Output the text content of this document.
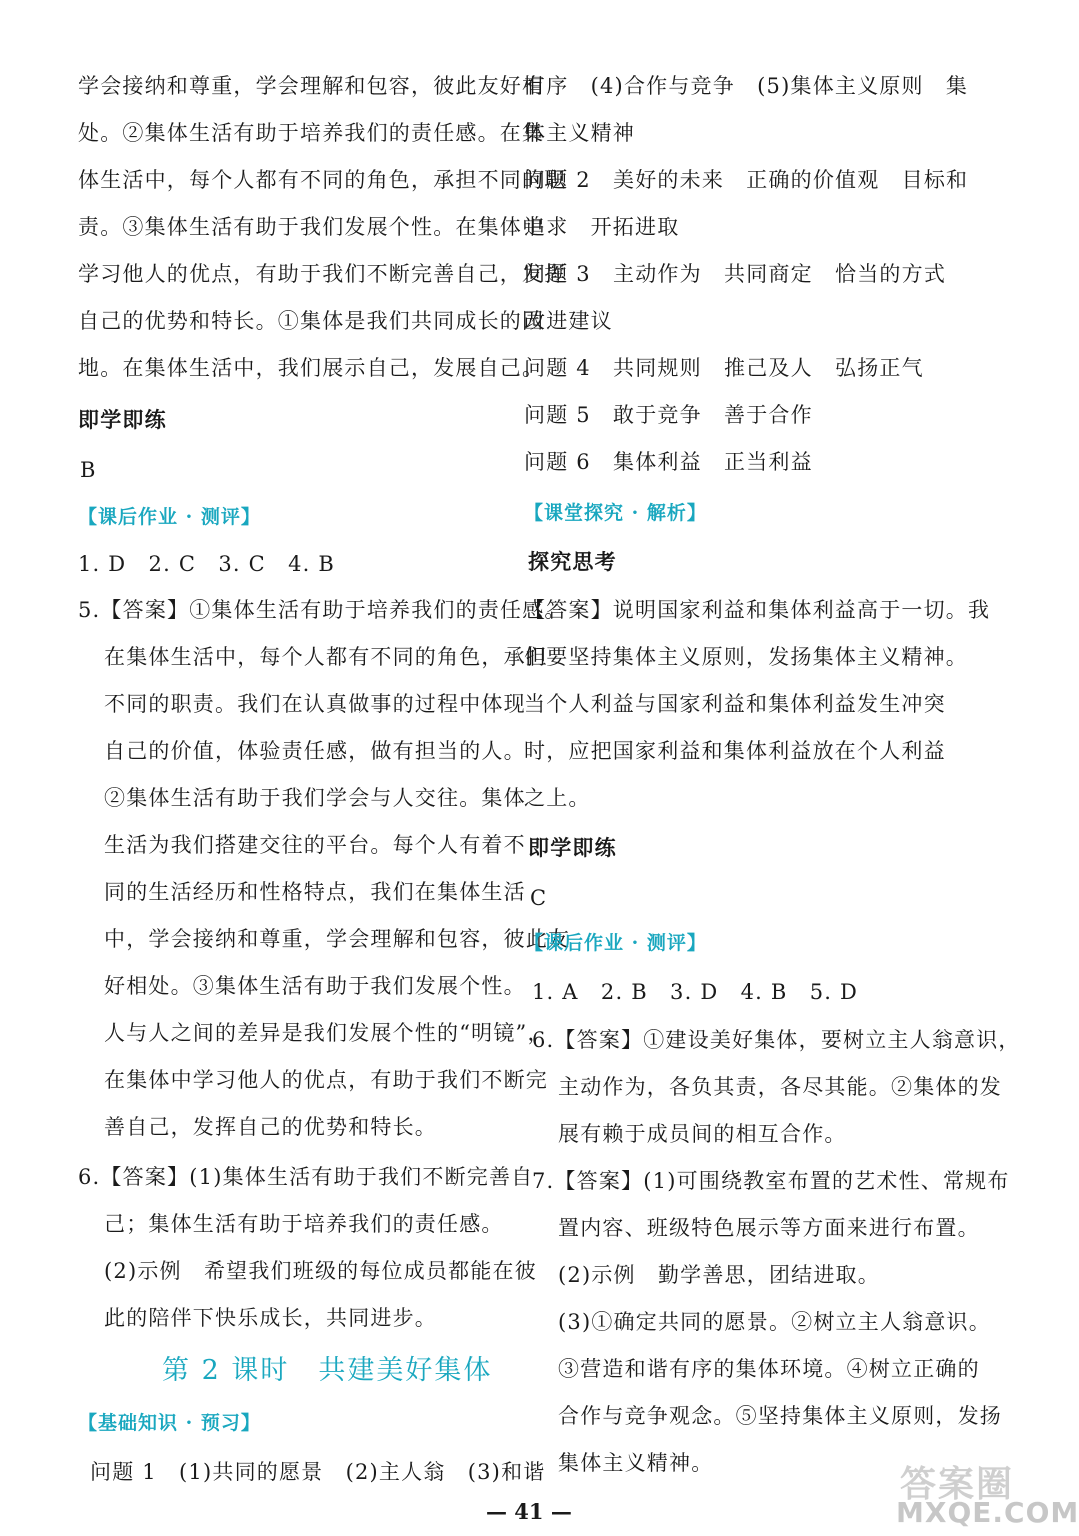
学会接纳和尊重，学会理解和包容，彼此友好相
处。②集体生活有助于培养我们的责任感。在集
体生活中，每个人都有不同的角色，承担不同的职
责。③集体生活有助于我们发展个性。在集体中
学习他人的优点，有助于我们不断完善自己，发挥
自己的优势和特长。①集体是我们共同成长的园
地。在集体生活中，我们展示自己，发展自己。
即学即练
B
【课后作业 · 测评】
1. D　2. C　3. C　4. B
5.【答案】①集体生活有助于培养我们的责任感。
在集体生活中，每个人都有不同的角色，承担
不同的职责。我们在认真做事的过程中体现
自己的价值，体验责任感，做有担当的人。
②集体生活有助于我们学会与人交往。集体
生活为我们搭建交往的平台。每个人有着不
同的生活经历和性格特点，我们在集体生活
中，学会接纳和尊重，学会理解和包容，彼此友
好相处。③集体生活有助于我们发展个性。
人与人之间的差异是我们发展个性的“明镜”，
在集体中学习他人的优点，有助于我们不断完
善自己，发挥自己的优势和特长。
6.【答案】(1)集体生活有助于我们不断完善自
己；集体生活有助于培养我们的责任感。
(2)示例　希望我们班级的每位成员都能在彼
此的陪伴下快乐成长，共同进步。
第 2 课时　共建美好集体
【基础知识 · 预习】
问题 1　(1)共同的愿景　(2)主人翁　(3)和谐
有序　(4)合作与竞争　(5)集体主义原则　集
体主义精神
问题 2　美好的未来　正确的价值观　目标和
追求　开拓进取
问题 3　主动作为　共同商定　恰当的方式
改进建议
问题 4　共同规则　推己及人　弘扬正气
问题 5　敢于竞争　善于合作
问题 6　集体利益　正当利益
【课堂探究 · 解析】
探究思考
【答案】说明国家利益和集体利益高于一切。我
们要坚持集体主义原则，发扬集体主义精神。
当个人利益与国家利益和集体利益发生冲突
时，应把国家利益和集体利益放在个人利益
之上。
即学即练
C
【课后作业 · 测评】
1. A　2. B　3. D　4. B　5. D
6.【答案】①建设美好集体，要树立主人翁意识，
主动作为，各负其责，各尽其能。②集体的发
展有赖于成员间的相互合作。
7.【答案】(1)可围绕教室布置的艺术性、常规布
置内容、班级特色展示等方面来进行布置。
(2)示例　勤学善思，团结进取。
(3)①确定共同的愿景。②树立主人翁意识。
③营造和谐有序的集体环境。④树立正确的
合作与竞争观念。⑤坚持集体主义原则，发扬
集体主义精神。
— 41 —
答案圈
MXQE.COM
